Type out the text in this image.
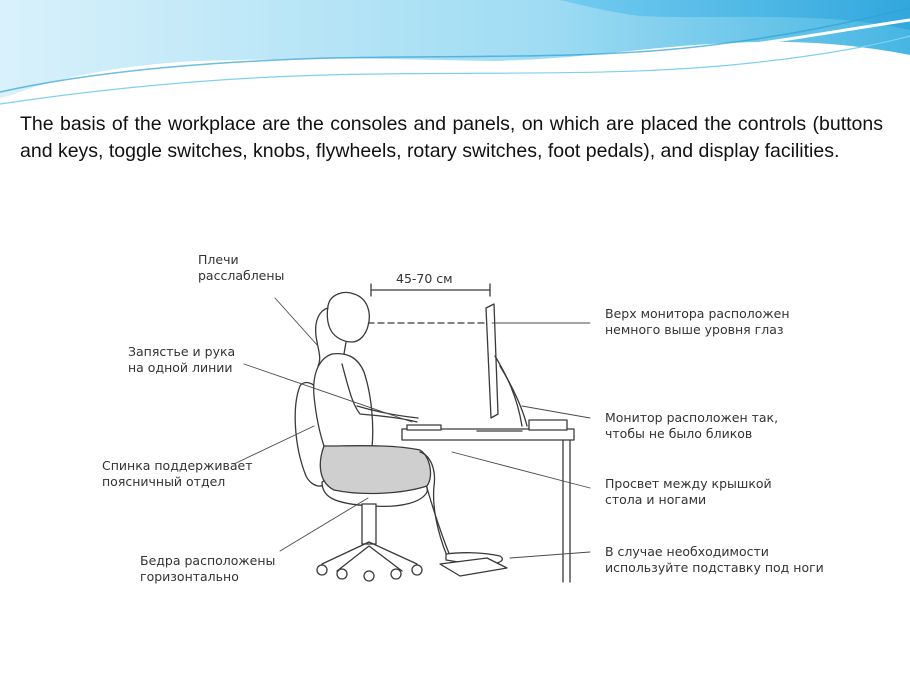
The basis of the workplace are the consoles and panels, on which are placed the controls (buttons and keys, toggle switches, knobs, flywheels, rotary switches, foot pedals), and display facilities.

45-70 см
Плечи
расслаблены
Запястье и рука
на одной линии
Спинка поддерживает
поясничный отдел
Бедра расположены
горизонтально
Верх монитора расположен
немного выше уровня глаз
Монитор расположен так,
чтобы не было бликов
Просвет между крышкой
стола и ногами
В случае необходимости
используйте подставку под ноги
